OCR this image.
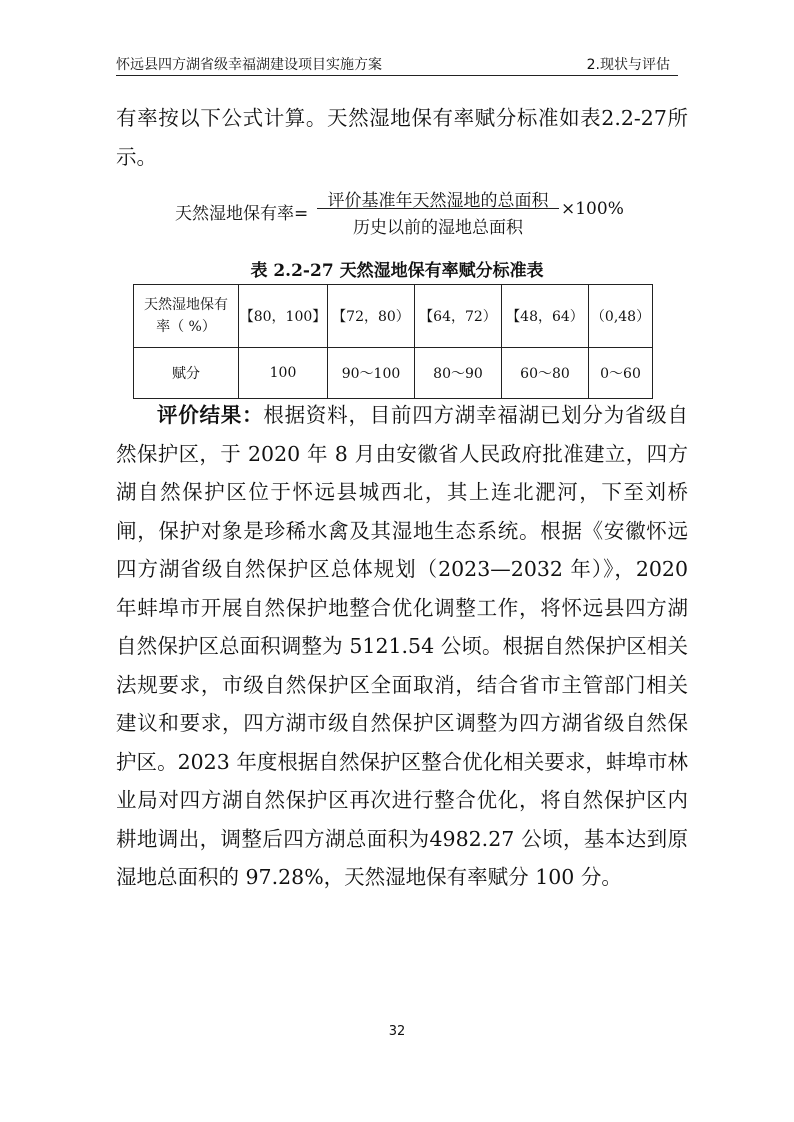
怀远县四方湖省级幸福湖建设项目实施方案	2.现状与评估
有率按以下公式计算。天然湿地保有率赋分标准如表2.2-27所示。
天然湿地保有率=
评价基准年天然湿地的总面积
历史以前的湿地总面积
×100%
表 2.2-27 天然湿地保有率赋分标准表
天然湿地保有率（ %）	【80，100】	【72，80）	【64，72）	【48，64）	（0,48）
赋分	100	90～100	80～90	60～80	0～60

评价结果：根据资料，目前四方湖幸福湖已划分为省级自然保护区，于 2020 年 8 月由安徽省人民政府批准建立，四方湖自然保护区位于怀远县城西北，其上连北淝河，下至刘桥闸，保护对象是珍稀水禽及其湿地生态系统。根据《安徽怀远四方湖省级自然保护区总体规划（2023—2032 年）》，2020 年蚌埠市开展自然保护地整合优化调整工作，将怀远县四方湖自然保护区总面积调整为 5121.54 公顷。根据自然保护区相关法规要求，市级自然保护区全面取消，结合省市主管部门相关建议和要求，四方湖市级自然保护区调整为四方湖省级自然保护区。2023 年度根据自然保护区整合优化相关要求，蚌埠市林业局对四方湖自然保护区再次进行整合优化，将自然保护区内耕地调出，调整后四方湖总面积为4982.27 公顷，基本达到原湿地总面积的 97.28%，天然湿地保有率赋分 100 分。

32
